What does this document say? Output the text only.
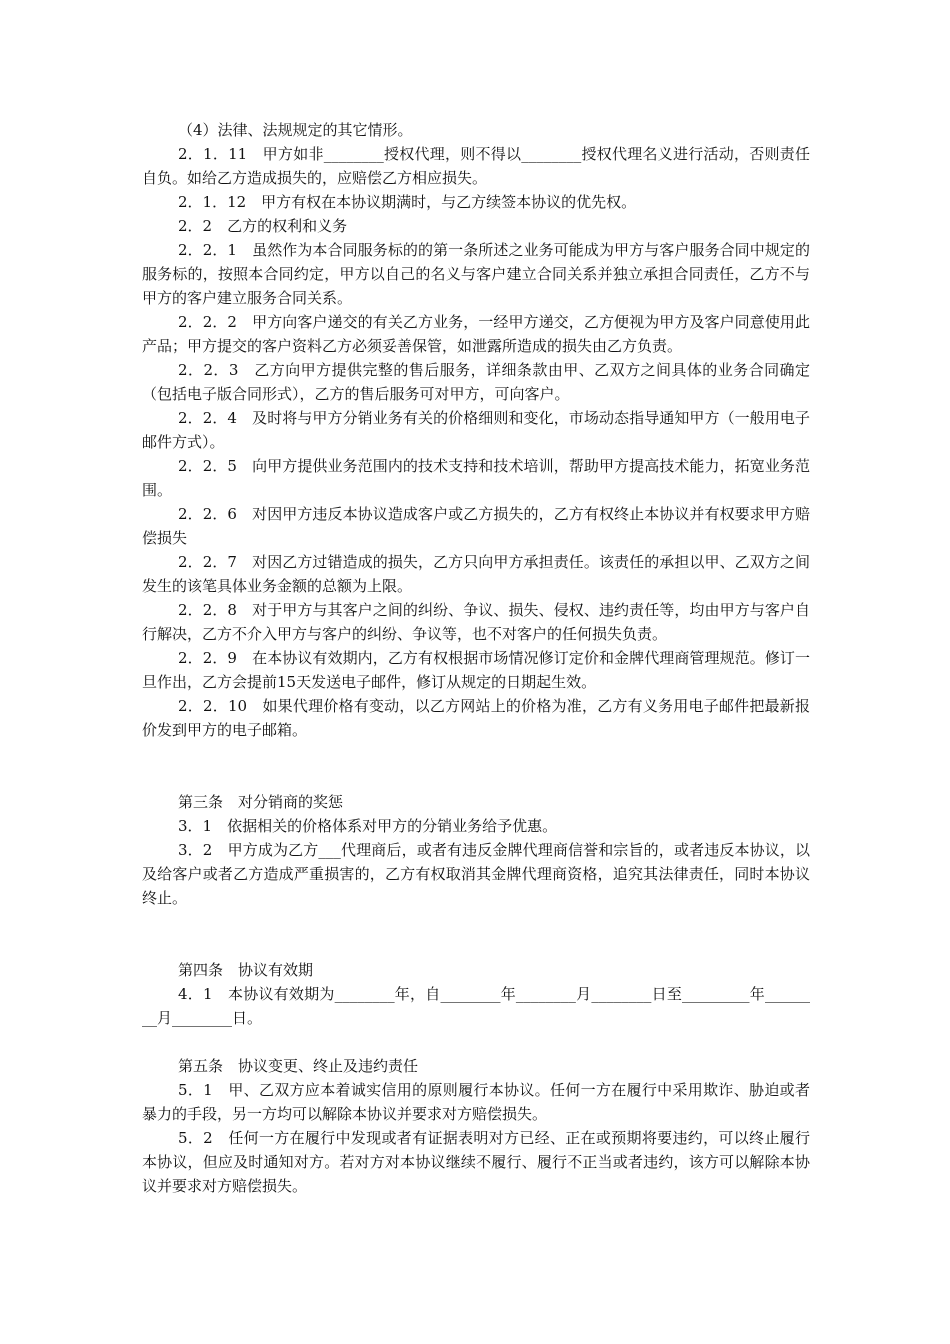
（4）法律、法规规定的其它情形。

2．1．11　甲方如非________授权代理，则不得以________授权代理名义进行活动，否则责任自负。如给乙方造成损失的，应赔偿乙方相应损失。

2．1．12　甲方有权在本协议期满时，与乙方续签本协议的优先权。

2．2　乙方的权利和义务

2．2．1　虽然作为本合同服务标的的第一条所述之业务可能成为甲方与客户服务合同中规定的服务标的，按照本合同约定，甲方以自己的名义与客户建立合同关系并独立承担合同责任，乙方不与甲方的客户建立服务合同关系。

2．2．2　甲方向客户递交的有关乙方业务，一经甲方递交，乙方便视为甲方及客户同意使用此产品；甲方提交的客户资料乙方必须妥善保管，如泄露所造成的损失由乙方负责。

2．2．3　乙方向甲方提供完整的售后服务，详细条款由甲、乙双方之间具体的业务合同确定（包括电子版合同形式），乙方的售后服务可对甲方，可向客户。

2．2．4　及时将与甲方分销业务有关的价格细则和变化，市场动态指导通知甲方（一般用电子邮件方式）。

2．2．5　向甲方提供业务范围内的技术支持和技术培训，帮助甲方提高技术能力，拓宽业务范围。

2．2．6　对因甲方违反本协议造成客户或乙方损失的，乙方有权终止本协议并有权要求甲方赔偿损失

2．2．7　对因乙方过错造成的损失，乙方只向甲方承担责任。该责任的承担以甲、乙双方之间发生的该笔具体业务金额的总额为上限。

2．2．8　对于甲方与其客户之间的纠纷、争议、损失、侵权、违约责任等，均由甲方与客户自行解决，乙方不介入甲方与客户的纠纷、争议等，也不对客户的任何损失负责。

2．2．9　在本协议有效期内，乙方有权根据市场情况修订定价和金牌代理商管理规范。修订一旦作出，乙方会提前15天发送电子邮件，修订从规定的日期起生效。

2．2．10　如果代理价格有变动，以乙方网站上的价格为准，乙方有义务用电子邮件把最新报价发到甲方的电子邮箱。

第三条　对分销商的奖惩

3．1　依据相关的价格体系对甲方的分销业务给予优惠。

3．2　甲方成为乙方___代理商后，或者有违反金牌代理商信誉和宗旨的，或者违反本协议，以及给客户或者乙方造成严重损害的，乙方有权取消其金牌代理商资格，追究其法律责任，同时本协议终止。

第四条　协议有效期

4．1　本协议有效期为________年，自________年________月________日至_________年________月________日。

第五条　协议变更、终止及违约责任

5．1　甲、乙双方应本着诚实信用的原则履行本协议。任何一方在履行中采用欺诈、胁迫或者暴力的手段，另一方均可以解除本协议并要求对方赔偿损失。

5．2　任何一方在履行中发现或者有证据表明对方已经、正在或预期将要违约，可以终止履行本协议，但应及时通知对方。若对方对本协议继续不履行、履行不正当或者违约，该方可以解除本协议并要求对方赔偿损失。
